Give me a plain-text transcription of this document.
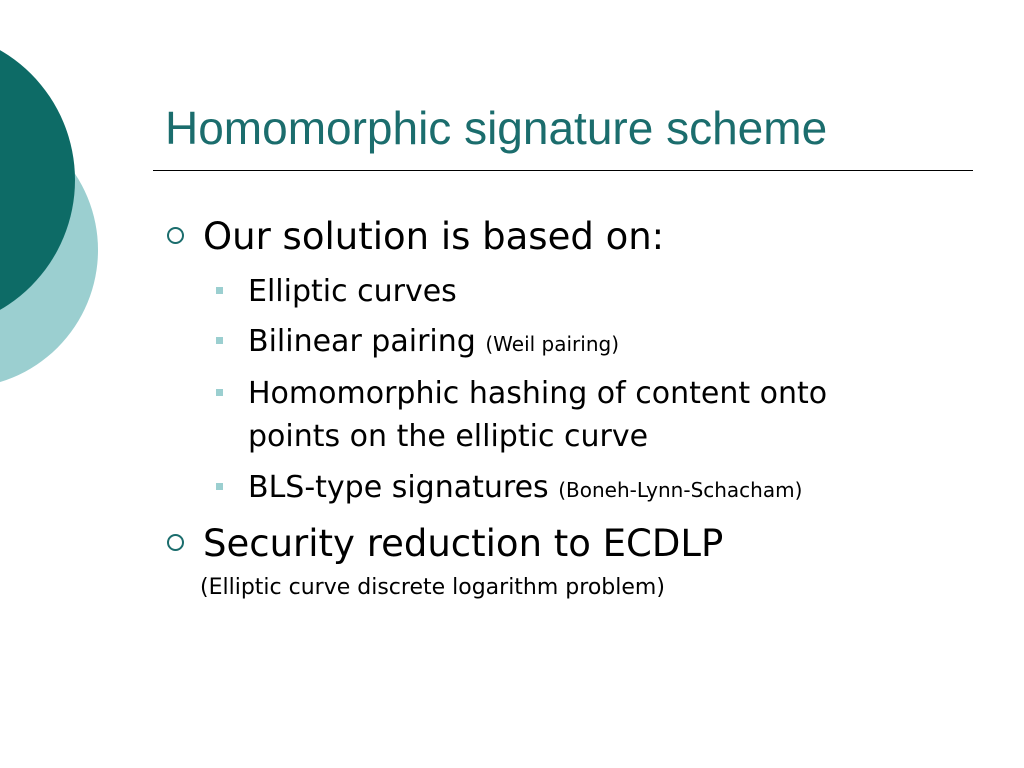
Homomorphic signature scheme
Our solution is based on:
Elliptic curves
Bilinear pairing (Weil pairing)
Homomorphic hashing of content onto
points on the elliptic curve
BLS-type signatures (Boneh-Lynn-Schacham)
Security reduction to ECDLP
(Elliptic curve discrete logarithm problem)
